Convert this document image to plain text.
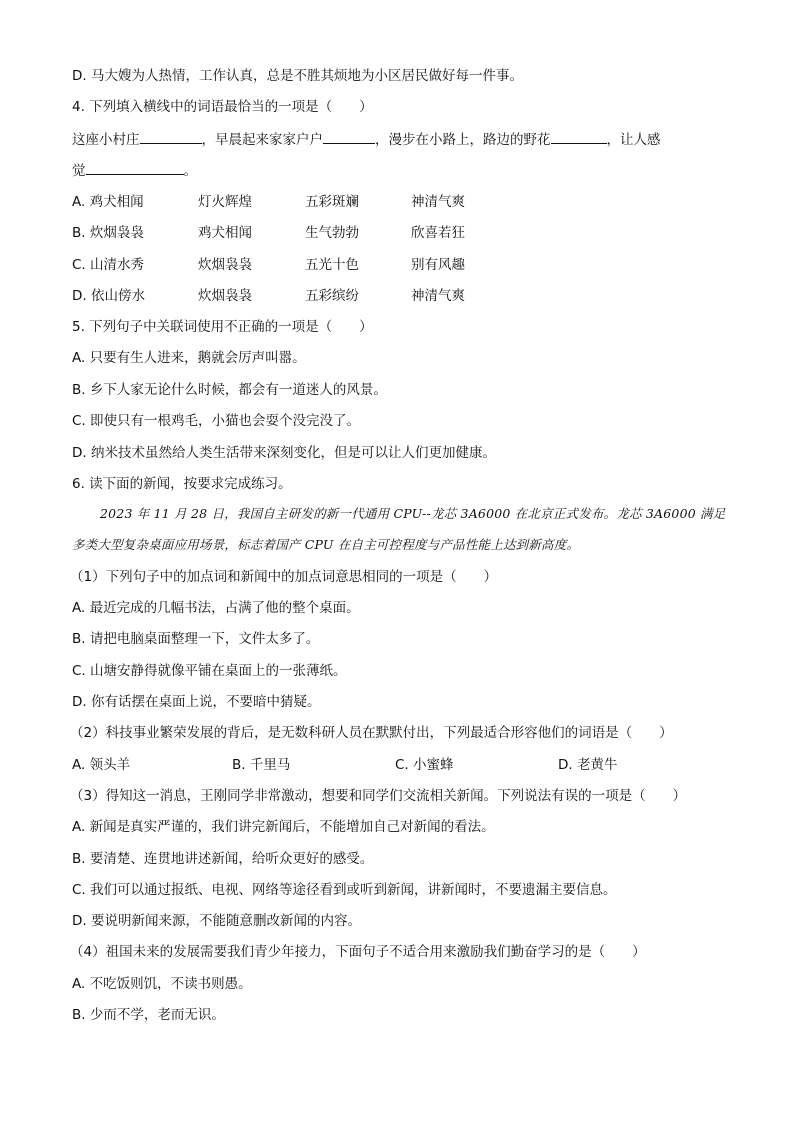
D. 马大嫂为人热情，工作认真，总是不胜其烦地为小区居民做好每一件事。
4. 下列填入横线中的词语最恰当的一项是（　　）
这座小村庄	，早晨起来家家户户	，漫步在小路上，路边的野花	，让人感
觉	。
A. 鸡犬相闻	灯火辉煌	五彩斑斓	神清气爽
B. 炊烟袅袅	鸡犬相闻	生气勃勃	欣喜若狂
C. 山清水秀	炊烟袅袅	五光十色	别有风趣
D. 依山傍水	炊烟袅袅	五彩缤纷	神清气爽
5. 下列句子中关联词使用不正确的一项是（　　）
A. 只要有生人进来，鹅就会厉声叫嚣。
B. 乡下人家无论什么时候，都会有一道迷人的风景。
C. 即使只有一根鸡毛，小猫也会耍个没完没了。
D. 纳米技术虽然给人类生活带来深刻变化，但是可以让人们更加健康。
6. 读下面的新闻，按要求完成练习。
2023 年 11 月 28 日，我国自主研发的新一代通用 CPU--龙芯 3A6000 在北京正式发布。龙芯 3A6000 满足
多类大型复杂桌面应用场景，标志着国产 CPU 在自主可控程度与产品性能上达到新高度。
（1）下列句子中的加点词和新闻中的加点词意思相同的一项是（　　）
A. 最近完成的几幅书法，占满了他的整个桌面。
B. 请把电脑桌面整理一下，文件太多了。
C. 山塘安静得就像平铺在桌面上的一张薄纸。
D. 你有话摆在桌面上说，不要暗中猜疑。
（2）科技事业繁荣发展的背后，是无数科研人员在默默付出，下列最适合形容他们的词语是（　　）
A. 领头羊	B. 千里马	C. 小蜜蜂	D. 老黄牛
（3）得知这一消息，王刚同学非常激动，想要和同学们交流相关新闻。下列说法有误的一项是（　　）
A. 新闻是真实严谨的，我们讲完新闻后，不能增加自己对新闻的看法。
B. 要清楚、连贯地讲述新闻，给听众更好的感受。
C. 我们可以通过报纸、电视、网络等途径看到或听到新闻，讲新闻时，不要遗漏主要信息。
D. 要说明新闻来源，不能随意删改新闻的内容。
（4）祖国未来的发展需要我们青少年接力，下面句子不适合用来激励我们勤奋学习的是（　　）
A. 不吃饭则饥，不读书则愚。
B. 少而不学，老而无识。
